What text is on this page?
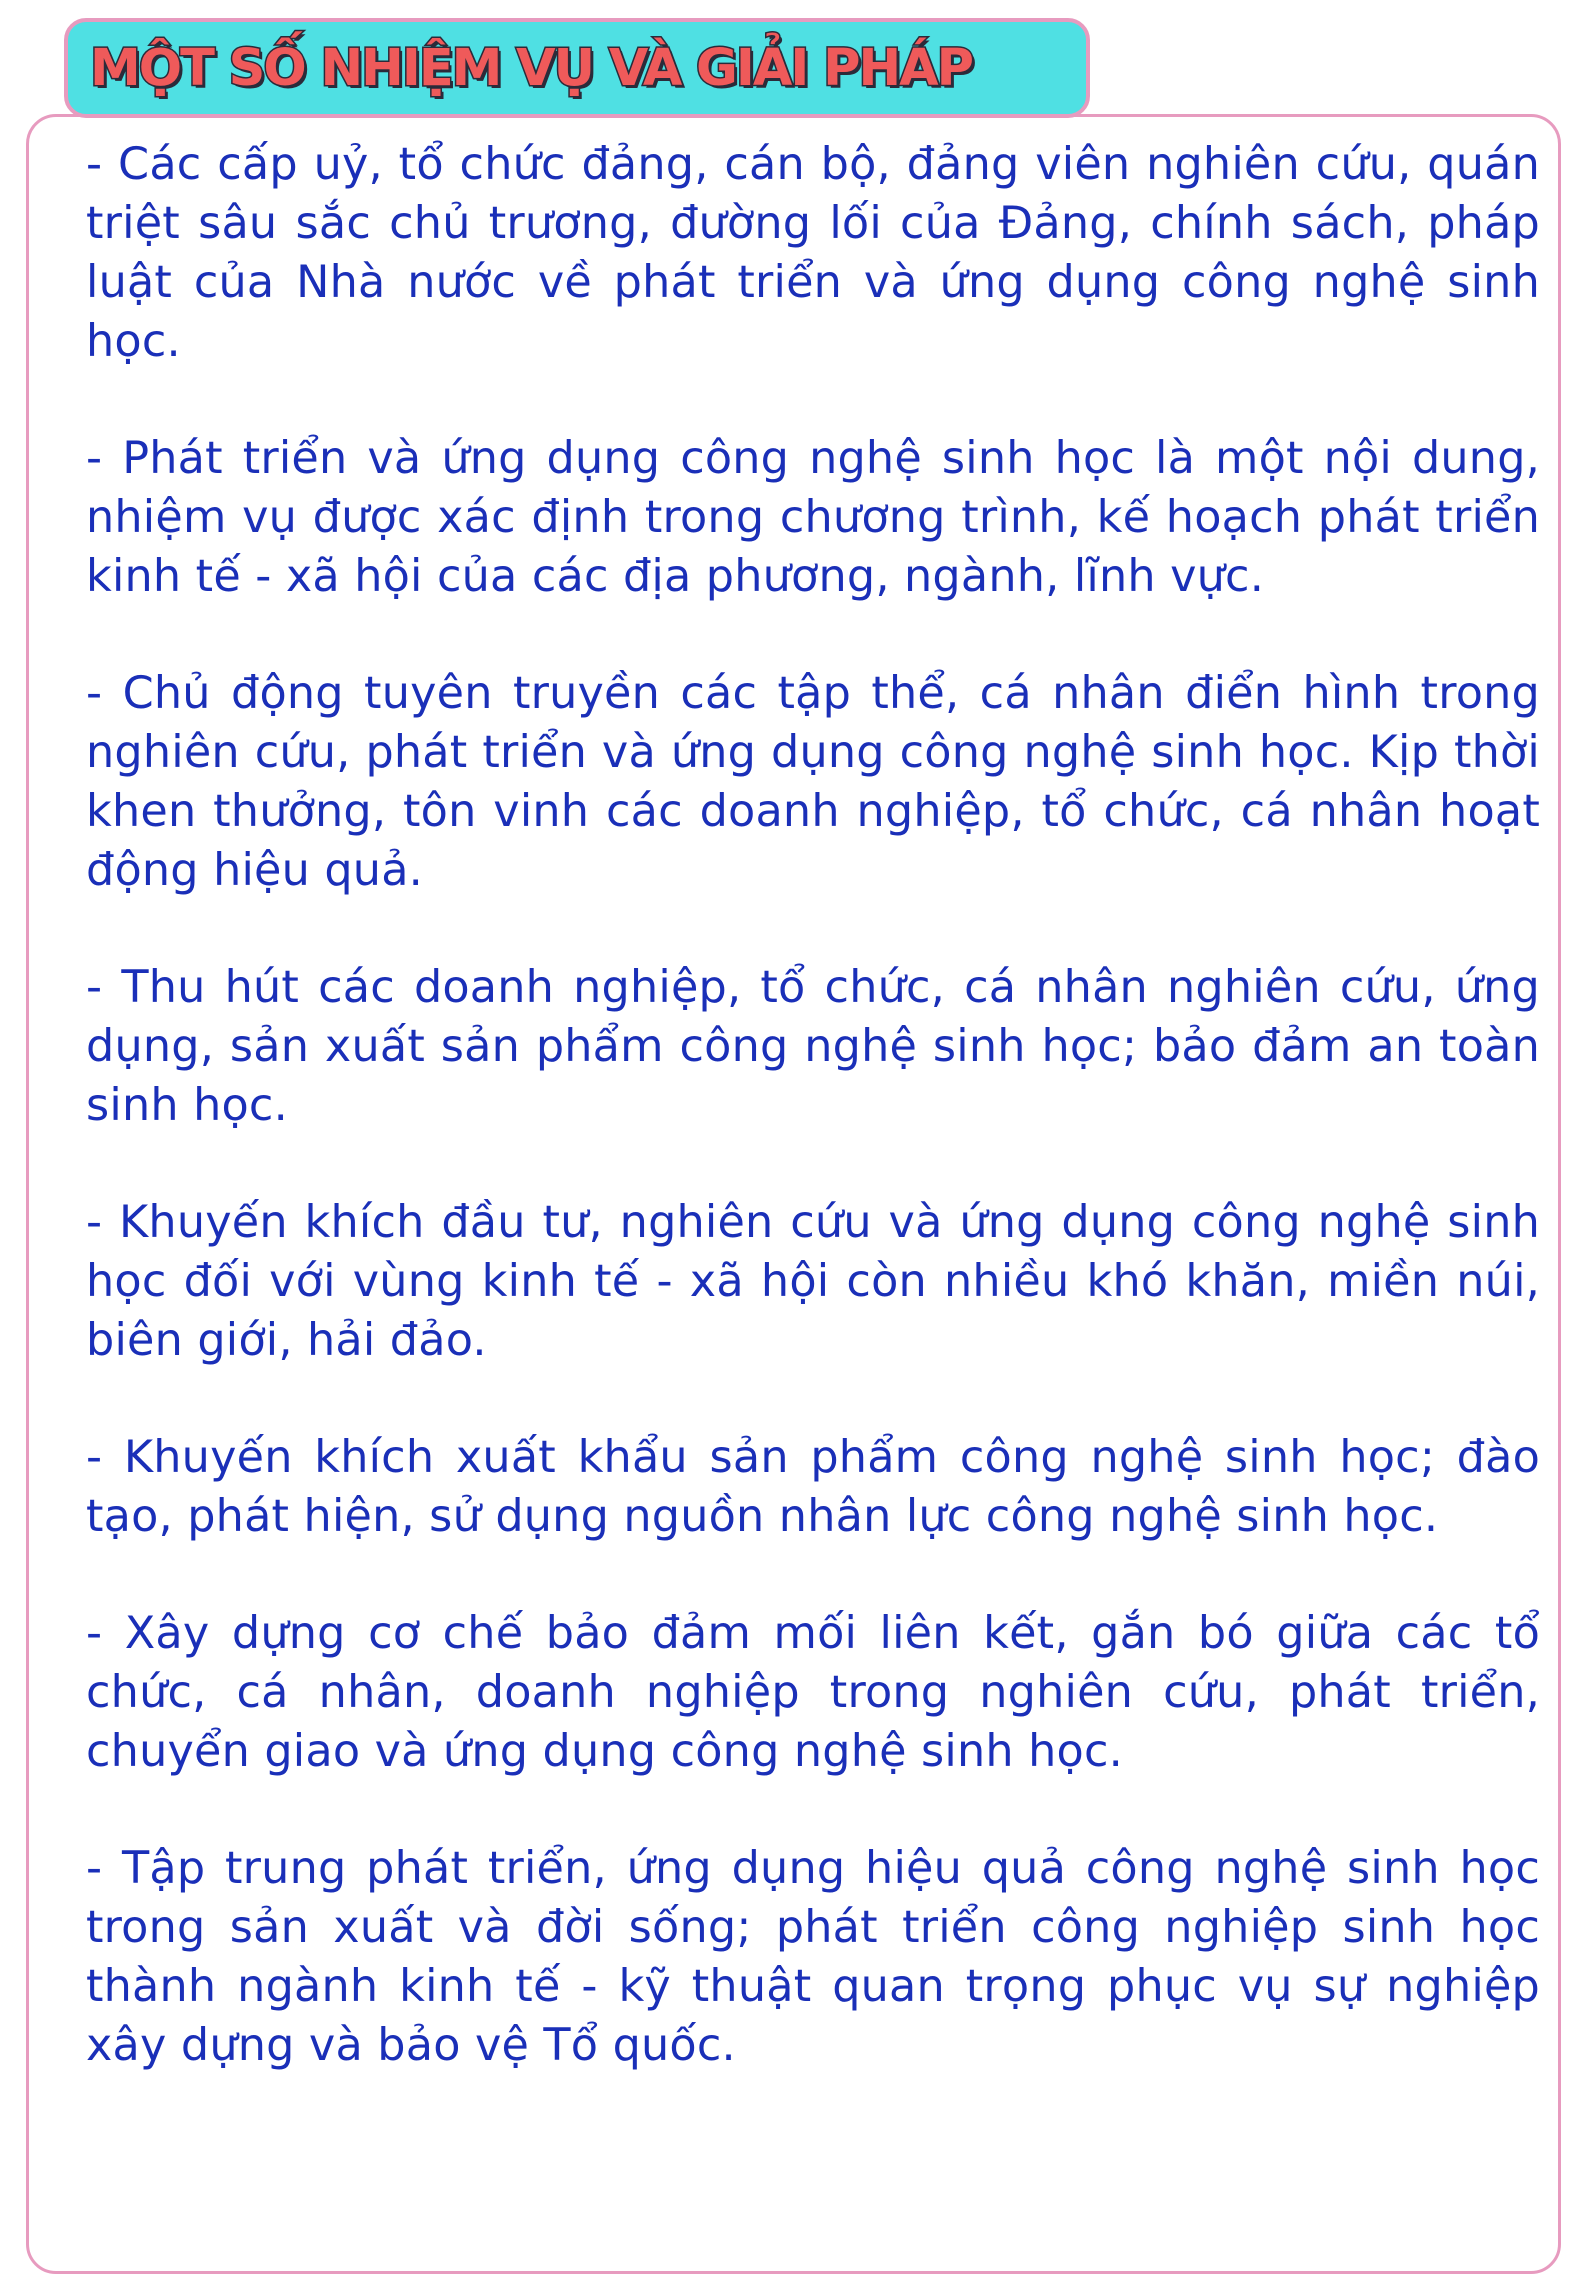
MỘT SỐ NHIỆM VỤ VÀ GIẢI PHÁP

- Các cấp uỷ, tổ chức đảng, cán bộ, đảng viên nghiên cứu, quán triệt sâu sắc chủ trương, đường lối của Đảng, chính sách, pháp luật của Nhà nước về phát triển và ứng dụng công nghệ sinh học.

- Phát triển và ứng dụng công nghệ sinh học là một nội dung, nhiệm vụ được xác định trong chương trình, kế hoạch phát triển kinh tế - xã hội của các địa phương, ngành, lĩnh vực.

- Chủ động tuyên truyền các tập thể, cá nhân điển hình trong nghiên cứu, phát triển và ứng dụng công nghệ sinh học. Kịp thời khen thưởng, tôn vinh các doanh nghiệp, tổ chức, cá nhân hoạt động hiệu quả.

- Thu hút các doanh nghiệp, tổ chức, cá nhân nghiên cứu, ứng dụng, sản xuất sản phẩm công nghệ sinh học; bảo đảm an toàn sinh học.

- Khuyến khích đầu tư, nghiên cứu và ứng dụng công nghệ sinh học đối với vùng kinh tế - xã hội còn nhiều khó khăn, miền núi, biên giới, hải đảo.

- Khuyến khích xuất khẩu sản phẩm công nghệ sinh học; đào tạo, phát hiện, sử dụng nguồn nhân lực công nghệ sinh học.

- Xây dựng cơ chế bảo đảm mối liên kết, gắn bó giữa các tổ chức, cá nhân, doanh nghiệp trong nghiên cứu, phát triển, chuyển giao và ứng dụng công nghệ sinh học.

- Tập trung phát triển, ứng dụng hiệu quả công nghệ sinh học trong sản xuất và đời sống; phát triển công nghiệp sinh học thành ngành kinh tế - kỹ thuật quan trọng phục vụ sự nghiệp xây dựng và bảo vệ Tổ quốc.
